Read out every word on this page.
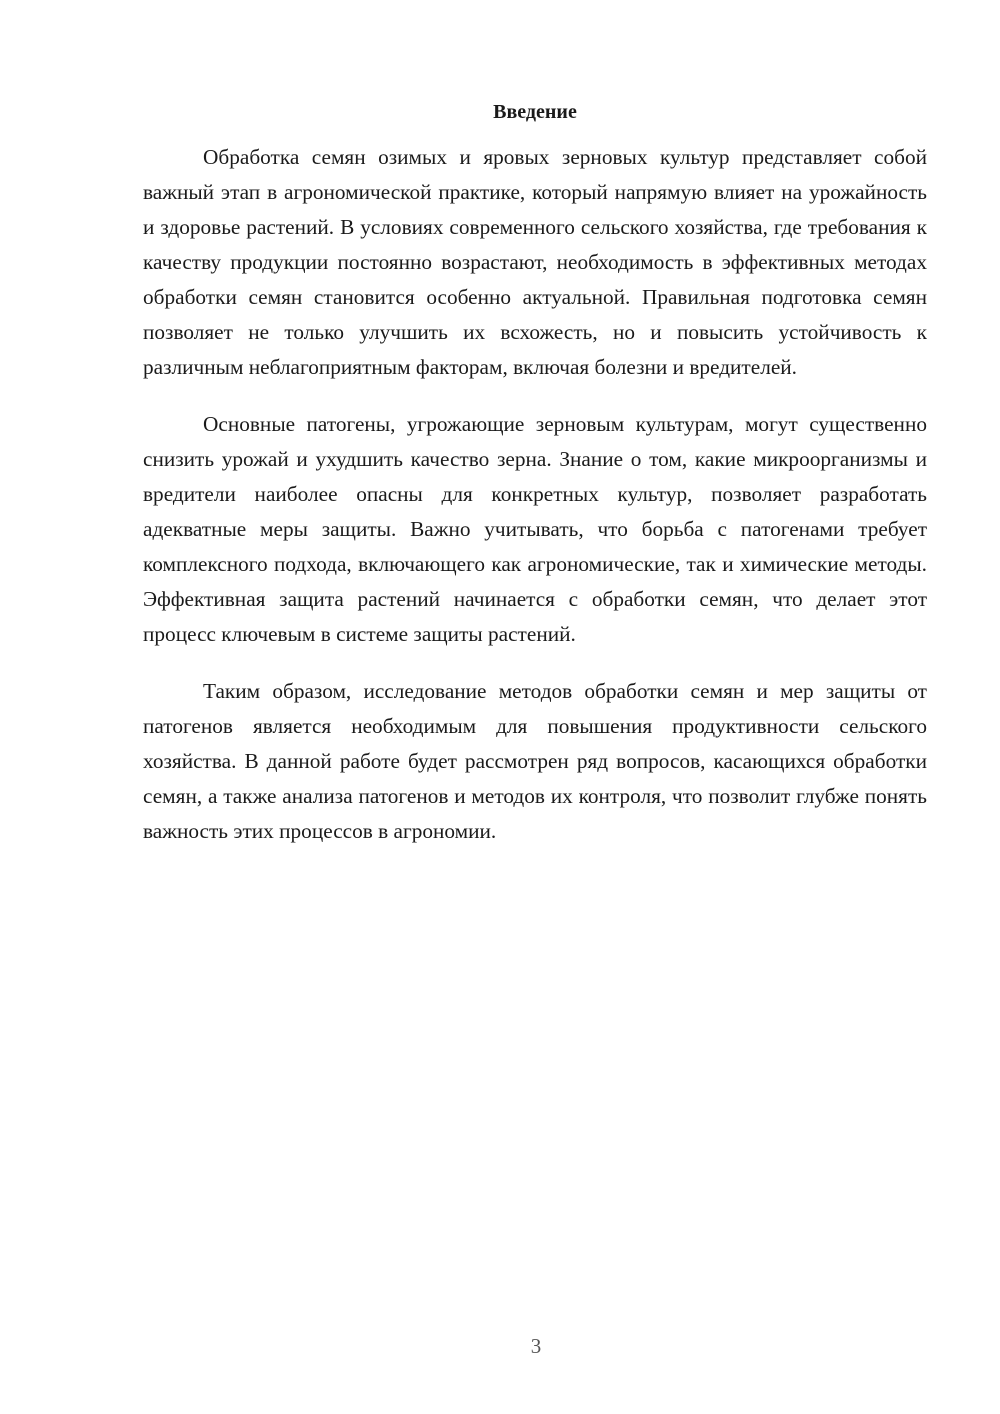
Введение

Обработка семян озимых и яровых зерновых культур представляет собой важный этап в агрономической практике, который напрямую влияет на урожайность и здоровье растений. В условиях современного сельского хозяйства, где требования к качеству продукции постоянно возрастают, необходимость в эффективных методах обработки семян становится особенно актуальной. Правильная подготовка семян позволяет не только улучшить их всхожесть, но и повысить устойчивость к различным неблагоприятным факторам, включая болезни и вредителей.

Основные патогены, угрожающие зерновым культурам, могут существенно снизить урожай и ухудшить качество зерна. Знание о том, какие микроорганизмы и вредители наиболее опасны для конкретных культур, позволяет разработать адекватные меры защиты. Важно учитывать, что борьба с патогенами требует комплексного подхода, включающего как агрономические, так и химические методы. Эффективная защита растений начинается с обработки семян, что делает этот процесс ключевым в системе защиты растений.

Таким образом, исследование методов обработки семян и мер защиты от патогенов является необходимым для повышения продуктивности сельского хозяйства. В данной работе будет рассмотрен ряд вопросов, касающихся обработки семян, а также анализа патогенов и методов их контроля, что позволит глубже понять важность этих процессов в агрономии.

3
